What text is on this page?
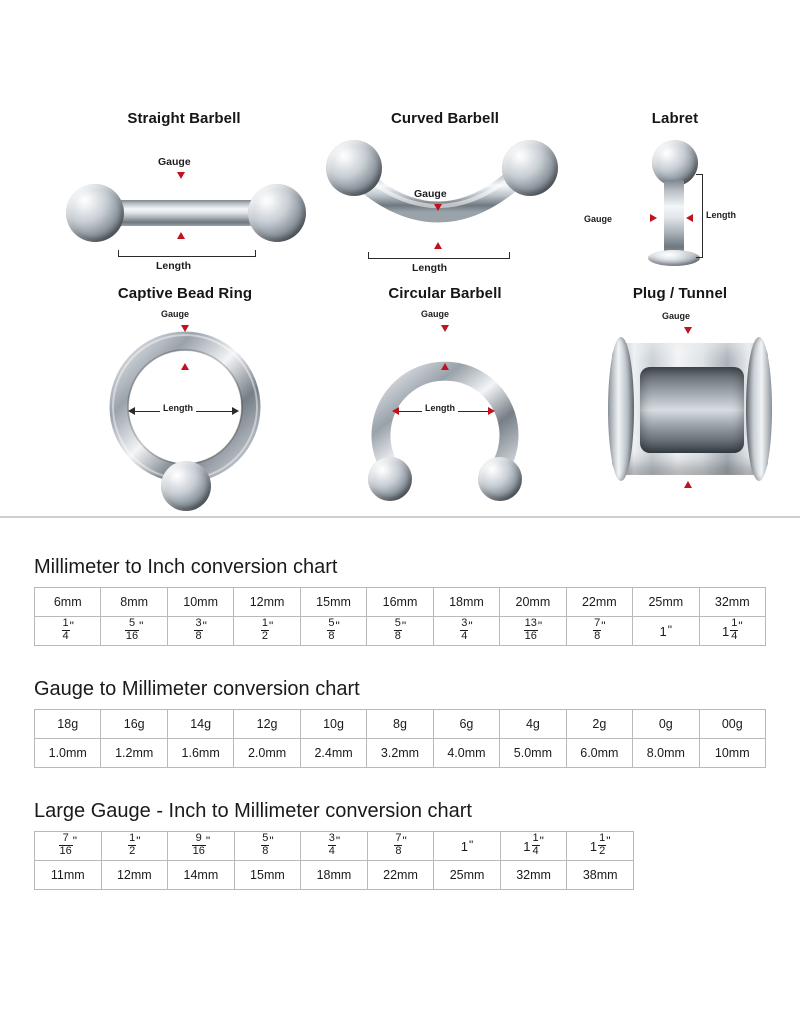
Straight Barbell
Gauge
Length
Curved Barbell
Gauge
Length
Labret
Gauge	Length
Captive Bead Ring
Gauge
Length
Circular Barbell
Gauge
Length
Plug / Tunnel
Gauge
Millimeter to Inch conversion chart
6mm	8mm	10mm	12mm	15mm	16mm	18mm	20mm	22mm	25mm	32mm

$\frac{1}{4}$ "	$\frac{5}{16}$ "	$\frac{3}{8}$ "	$\frac{1}{2}$ "	$\frac{5}{8}$ "	$\frac{5}{8}$ "	$\frac{3}{4}$ "	$\frac{13}{16}$ "	$\frac{7}{8}$ "	1"	$1 \frac{1}{4}$ "
Gauge to Millimeter conversion chart
18g	16g	14g	12g	10g	8g	6g	4g	2g	0g	00g
1.0mm	1.2mm	1.6mm	2.0mm	2.4mm	3.2mm	4.0mm	5.0mm	6.0mm	8.0mm	10mm
Large Gauge - Inch to Millimeter conversion chart
$\frac{7}{16}$ "	$\frac{1}{2}$ "	$\frac{9}{16}$ "	$\frac{5}{8}$ "	$\frac{3}{4}$ "	$\frac{7}{8}$ "	1"	$1 \frac{1}{4}$ "	$1 \frac{1}{2}$ "
11mm	12mm	14mm	15mm	18mm	22mm	25mm	32mm	38mm
